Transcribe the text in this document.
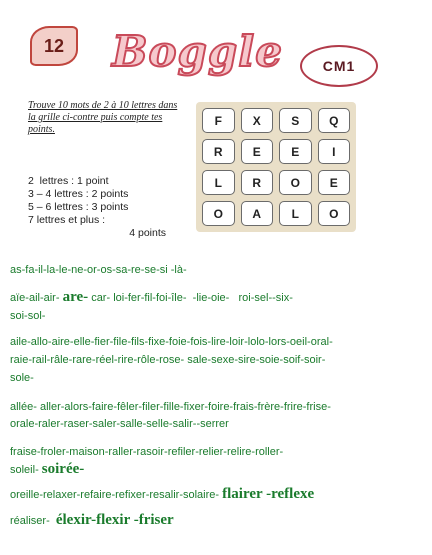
12 Boggle	CM1
Trouve 10 mots de 2 à 10 lettres dans la grille ci-contre puis compte tes points.
2  lettres : 1 point
3 – 4 lettres : 2 points
5 – 6 lettres : 3 points
7 lettres et plus :
4 points
F	X	S	Q
R	E	E	I
L	R	O	E
O	A	L	O
as-fa-il-la-le-ne-or-os-sa-re-se-si -là-
aïe-ail-air- are- car- loi-fer-fil-foi-île- -lie-oie- roi-sel--six-
soi-sol-
aile-allo-aire-elle-fier-file-fils-fixe-foie-fois-lire-loir-lolo-lors-oeil-oral-
raie-rail-râle-rare-réel-rire-rôle-rose- sale-sexe-sire-soie-soif-soir-
sole-
allée- aller-alors-faire-fêler-filer-fille-fixer-foire-frais-frère-frire-frise-
orale-raler-raser-saler-salle-selle-salir--serrer
fraise-froler-maison-raller-rasoir-refiler-relier-relire-roller-
soleil- soirée-
oreille-relaxer-refaire-refixer-resalir-solaire- flairer -reflexe
réaliser- élexir-flexir -friser
